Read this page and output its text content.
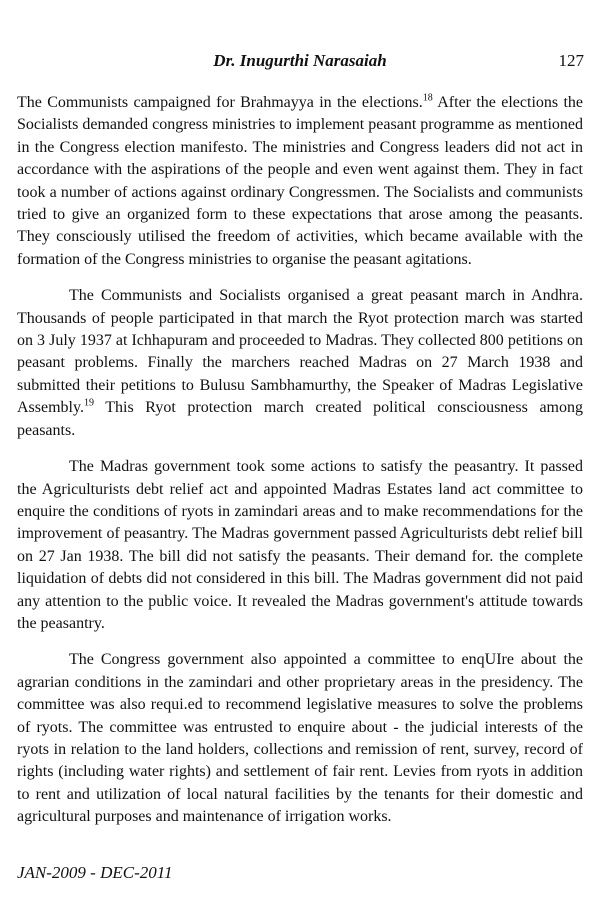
Dr. Inugurthi Narasaiah	127

The Communists campaigned for Brahmayya in the elections.$^{18}$ After the elections the Socialists demanded congress ministries to implement peasant programme as mentioned in the Congress election manifesto. The ministries and Congress leaders did not act in accordance with the aspirations of the people and even went against them. They in fact took a number of actions against ordinary Congressmen. The Socialists and communists tried to give an organized form to these expectations that arose among the peasants. They consciously utilised the freedom of activities, which became available with the formation of the Congress ministries to organise the peasant agitations.

The Communists and Socialists organised a great peasant march in Andhra. Thousands of people participated in that march the Ryot protection march was started on 3 July 1937 at Ichhapuram and proceeded to Madras. They collected 800 petitions on peasant problems. Finally the marchers reached Madras on 27 March 1938 and submitted their petitions to Bulusu Sambhamurthy, the Speaker of Madras Legislative Assembly.$^{19}$ This Ryot protection march created political consciousness among peasants.

The Madras government took some actions to satisfy the peasantry. It passed the Agriculturists debt relief act and appointed Madras Estates land act committee to enquire the conditions of ryots in zamindari areas and to make recommendations for the improvement of peasantry. The Madras government passed Agriculturists debt relief bill on 27 Jan 1938. The bill did not satisfy the peasants. Their demand for. the complete liquidation of debts did not considered in this bill. The Madras government did not paid any attention to the public voice. It revealed the Madras government's attitude towards the peasantry.

The Congress government also appointed a committee to enqUIre about the agrarian conditions in the zamindari and other proprietary areas in the presidency. The committee was also requi.ed to recommend legislative measures to solve the problems of ryots. The committee was entrusted to enquire about - the judicial interests of the ryots in relation to the land holders, collections and remission of rent, survey, record of rights (including water rights) and settlement of fair rent. Levies from ryots in addition to rent and utilization of local natural facilities by the tenants for their domestic and agricultural purposes and maintenance of irrigation works.

JAN-2009 - DEC-2011
